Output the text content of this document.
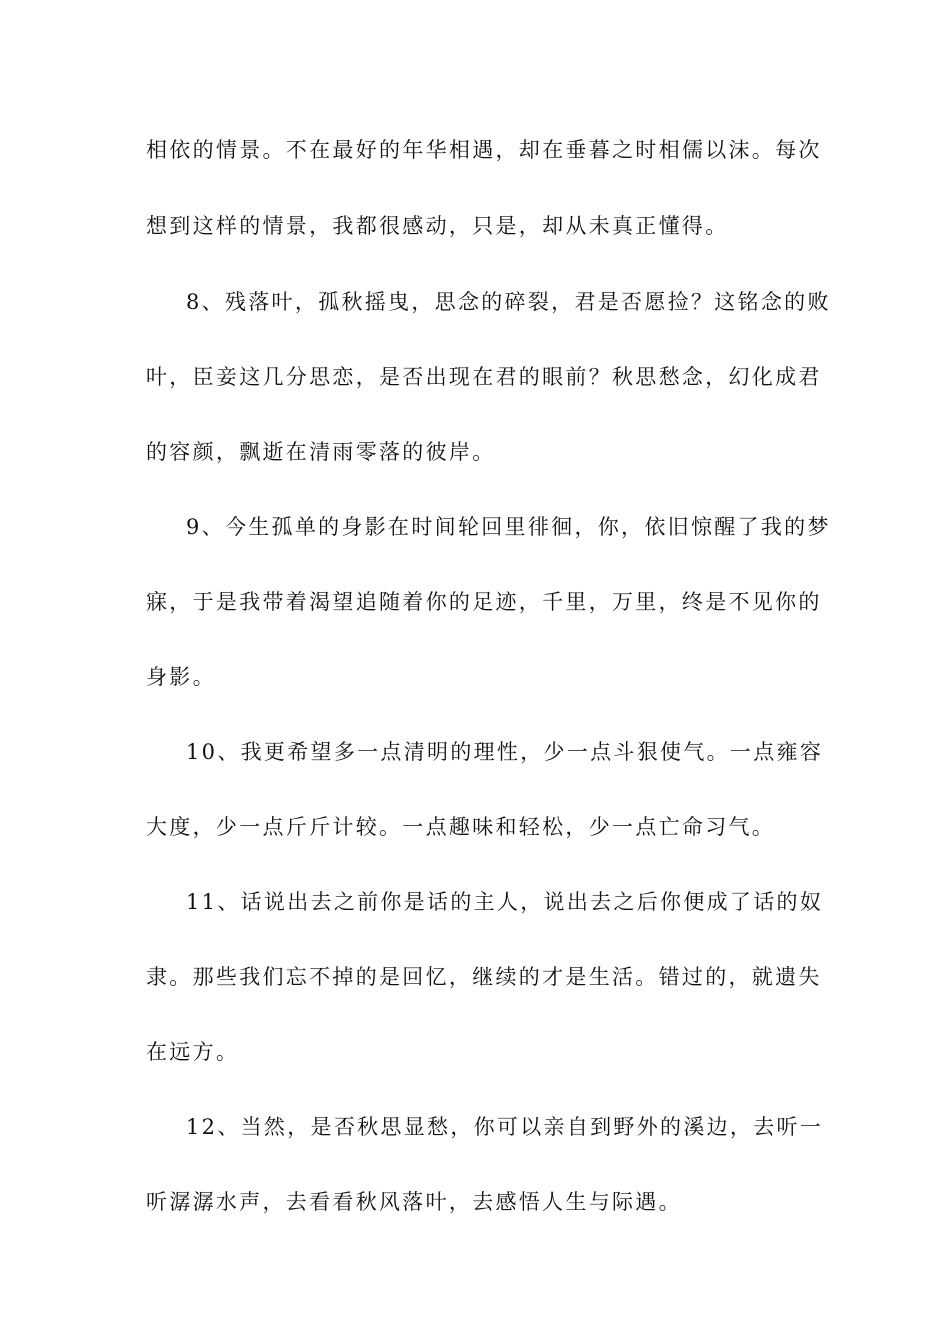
相依的情景。不在最好的年华相遇，却在垂暮之时相儒以沫。每次
想到这样的情景，我都很感动，只是，却从未真正懂得。
8、残落叶，孤秋摇曳，思念的碎裂，君是否愿捡？这铭念的败
叶，臣妾这几分思恋，是否出现在君的眼前？秋思愁念，幻化成君
的容颜，飘逝在清雨零落的彼岸。
9、今生孤单的身影在时间轮回里徘徊，你，依旧惊醒了我的梦
寐，于是我带着渴望追随着你的足迹，千里，万里，终是不见你的
身影。
10、我更希望多一点清明的理性，少一点斗狠使气。一点雍容
大度，少一点斤斤计较。一点趣味和轻松，少一点亡命习气。
11、话说出去之前你是话的主人，说出去之后你便成了话的奴
隶。那些我们忘不掉的是回忆，继续的才是生活。错过的，就遗失
在远方。
12、当然，是否秋思显愁，你可以亲自到野外的溪边，去听一
听潺潺水声，去看看秋风落叶，去感悟人生与际遇。
